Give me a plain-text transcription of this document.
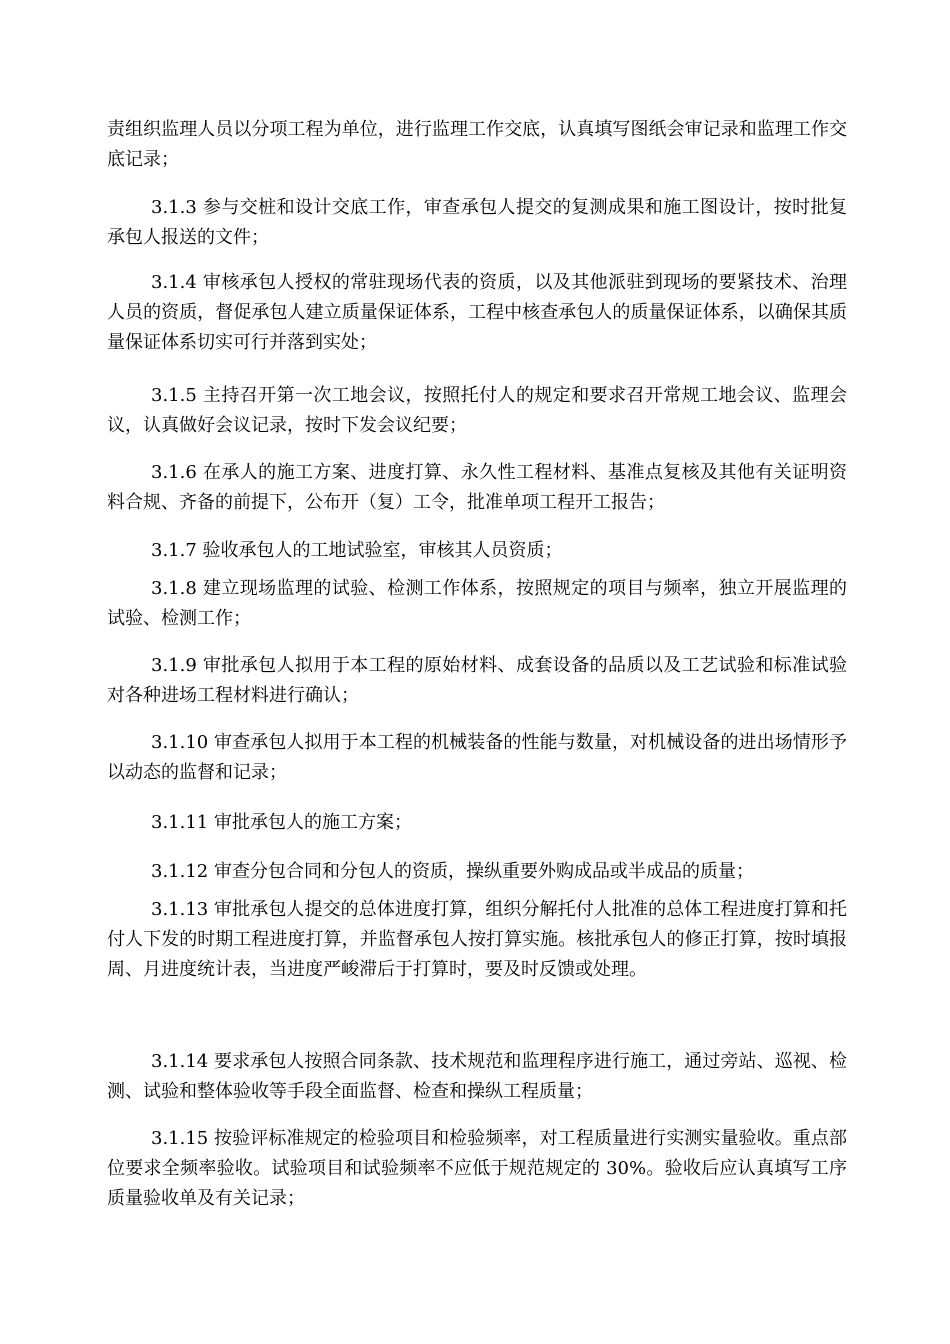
责组织监理人员以分项工程为单位，进行监理工作交底，认真填写图纸会审记录和监理工作交底记录；

3.1.3 参与交桩和设计交底工作，审查承包人提交的复测成果和施工图设计，按时批复承包人报送的文件；

3.1.4 审核承包人授权的常驻现场代表的资质，以及其他派驻到现场的要紧技术、治理人员的资质，督促承包人建立质量保证体系，工程中核查承包人的质量保证体系，以确保其质量保证体系切实可行并落到实处；

3.1.5 主持召开第一次工地会议，按照托付人的规定和要求召开常规工地会议、监理会议，认真做好会议记录，按时下发会议纪要；

3.1.6 在承人的施工方案、进度打算、永久性工程材料、基准点复核及其他有关证明资料合规、齐备的前提下，公布开（复）工令，批准单项工程开工报告；

3.1.7 验收承包人的工地试验室，审核其人员资质；

3.1.8 建立现场监理的试验、检测工作体系，按照规定的项目与频率，独立开展监理的试验、检测工作；

3.1.9 审批承包人拟用于本工程的原始材料、成套设备的品质以及工艺试验和标准试验对各种进场工程材料进行确认；

3.1.10 审查承包人拟用于本工程的机械装备的性能与数量，对机械设备的进出场情形予以动态的监督和记录；

3.1.11 审批承包人的施工方案；

3.1.12 审查分包合同和分包人的资质，操纵重要外购成品或半成品的质量；

3.1.13 审批承包人提交的总体进度打算，组织分解托付人批准的总体工程进度打算和托付人下发的时期工程进度打算，并监督承包人按打算实施。核批承包人的修正打算，按时填报周、月进度统计表，当进度严峻滞后于打算时，要及时反馈或处理。

3.1.14 要求承包人按照合同条款、技术规范和监理程序进行施工，通过旁站、巡视、检测、试验和整体验收等手段全面监督、检查和操纵工程质量；

3.1.15 按验评标准规定的检验项目和检验频率，对工程质量进行实测实量验收。重点部位要求全频率验收。试验项目和试验频率不应低于规范规定的 30%。验收后应认真填写工序质量验收单及有关记录；
